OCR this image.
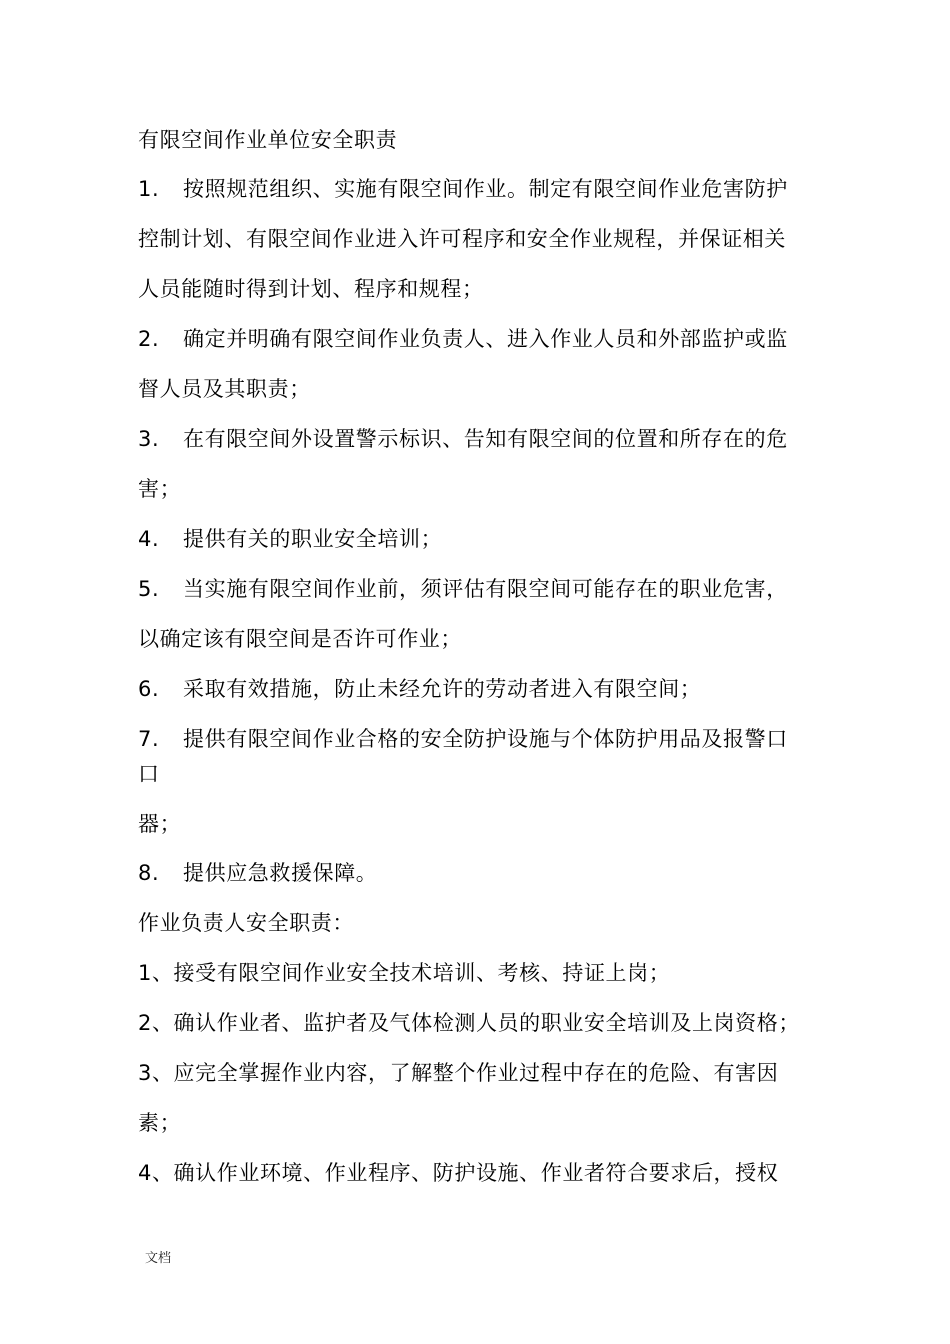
有限空间作业单位安全职责
1. 按照规范组织、实施有限空间作业。制定有限空间作业危害防护
控制计划、有限空间作业进入许可程序和安全作业规程，并保证相关
人员能随时得到计划、程序和规程；
2. 确定并明确有限空间作业负责人、进入作业人员和外部监护或监
督人员及其职责；
3. 在有限空间外设置警示标识、告知有限空间的位置和所存在的危
害；
4. 提供有关的职业安全培训；
5. 当实施有限空间作业前，须评估有限空间可能存在的职业危害，
以确定该有限空间是否许可作业；
6. 采取有效措施，防止未经允许的劳动者进入有限空间；
7. 提供有限空间作业合格的安全防护设施与个体防护用品及报警口
口
器；
8. 提供应急救援保障。
作业负责人安全职责：
1、接受有限空间作业安全技术培训、考核、持证上岗；
2、确认作业者、监护者及气体检测人员的职业安全培训及上岗资格；
3、应完全掌握作业内容，了解整个作业过程中存在的危险、有害因
素；
4、确认作业环境、作业程序、防护设施、作业者符合要求后，授权
文档
